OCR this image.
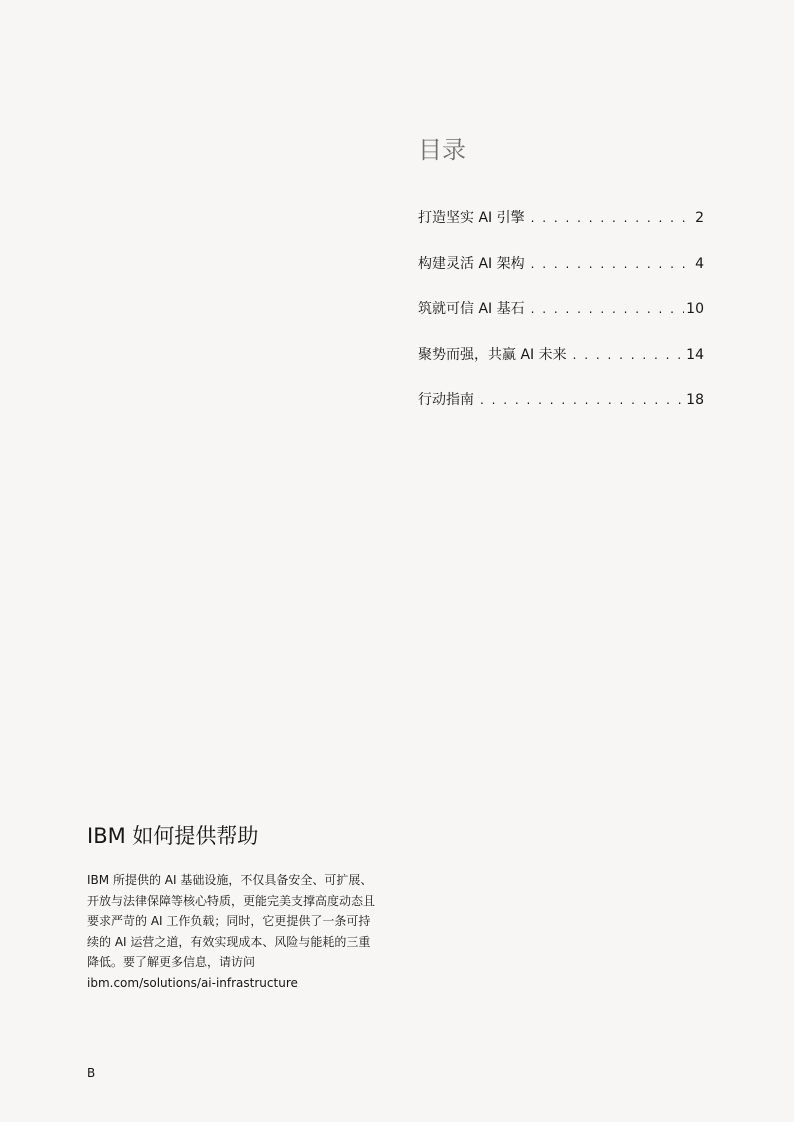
目录
打造坚实 AI 引擎 . . .	2
构建灵活 AI 架构 . . .	4
筑就可信 AI 基石 . . .	10
聚势而强，共赢 AI 未来 . . .	14
行动指南 . . .	18
IBM 如何提供帮助

IBM 所提供的 AI 基础设施，不仅具备安全、可扩展、开放与法律保障等核心特质，更能完美支撑高度动态且要求严苛的 AI 工作负载；同时，它更提供了一条可持续的 AI 运营之道，有效实现成本、风险与能耗的三重降低。要了解更多信息，请访问 ibm.com/solutions/ai-infrastructure

B
